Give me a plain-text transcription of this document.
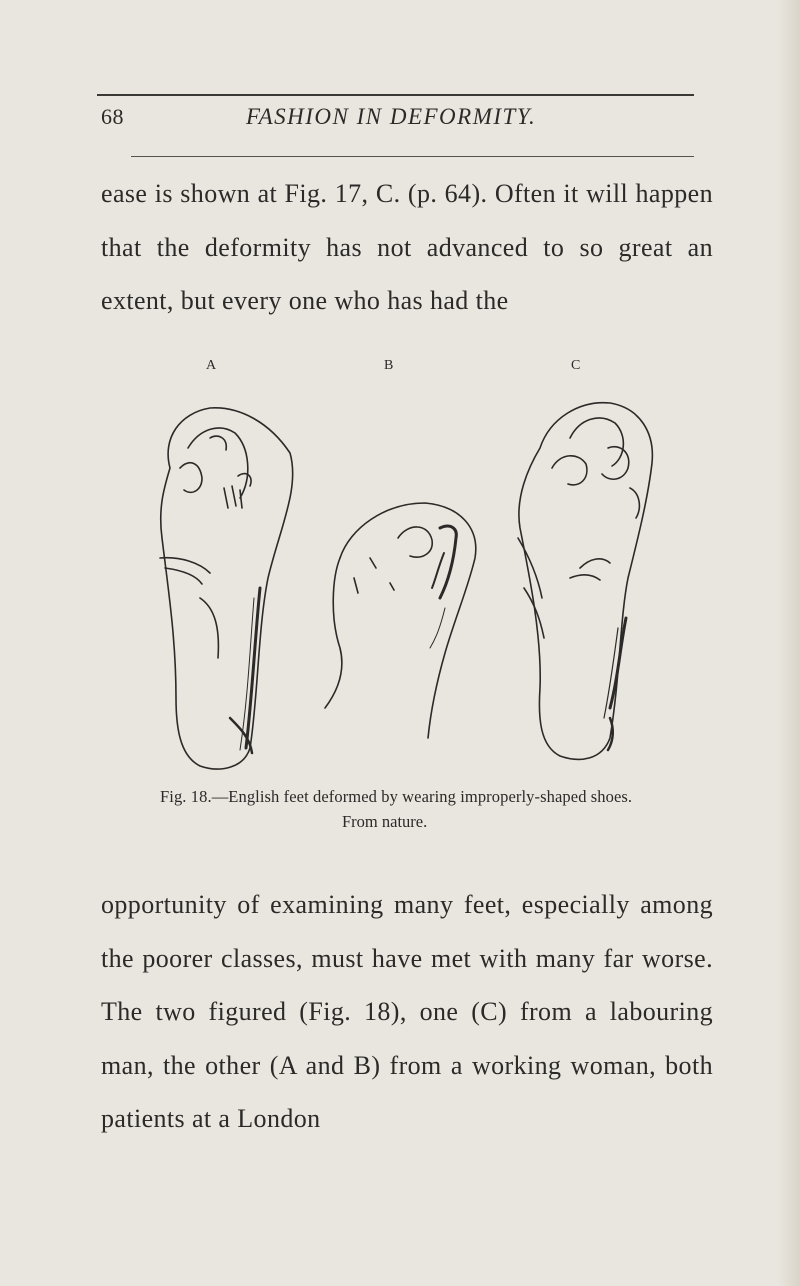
68	FASHION IN DEFORMITY.
ease is shown at Fig. 17, C. (p. 64). Often it will happen that the deformity has not advanced to so great an extent, but every one who has had the
A	B	C
Fig. 18.—English feet deformed by wearing improperly-shaped shoes.
From nature.
opportunity of examining many feet, especially among the poorer classes, must have met with many far worse. The two figured (Fig. 18), one (C) from a labouring man, the other (A and B) from a working woman, both patients at a London
